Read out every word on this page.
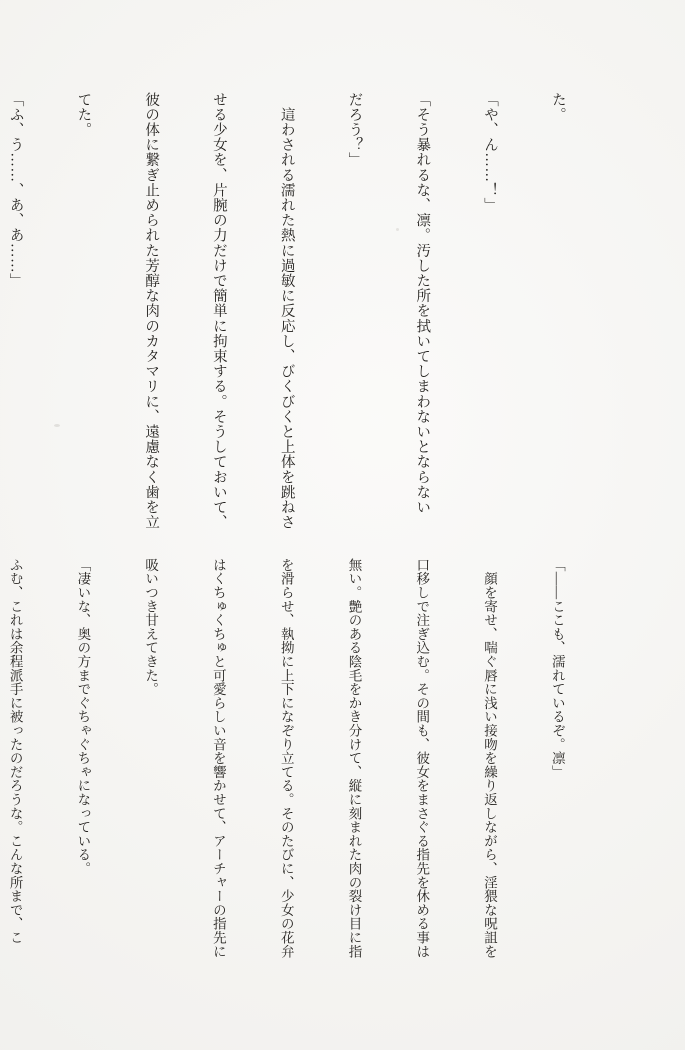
た。

「や、ん……！」

「そう暴れるな、凛。汚した所を拭いてしまわないとならない

だろう？」

　這わされる濡れた熱に過敏に反応し、びくびくと上体を跳ねさ

せる少女を、片腕の力だけで簡単に拘束する。そうしておいて、

彼の体に繋ぎ止められた芳醇な肉のカタマリに、遠慮なく歯を立

てた。

「ふ、う……、あ、あ……」

「——ここも、濡れているぞ。凛」

　顔を寄せ、喘ぐ唇に浅い接吻を繰り返しながら、淫猥な呪詛を

口移しで注ぎ込む。その間も、彼女をまさぐる指先を休める事は

無い。艶のある陰毛をかき分けて、縦に刻まれた肉の裂け目に指

を滑らせ、執拗に上下になぞり立てる。そのたびに、少女の花弁

はくちゅくちゅと可愛らしい音を響かせて、アーチャーの指先に

吸いつき甘えてきた。

「凄いな、奥の方までぐちゃぐちゃになっている。

ふむ、これは余程派手に被ったのだろうな。こんな所まで、こ
